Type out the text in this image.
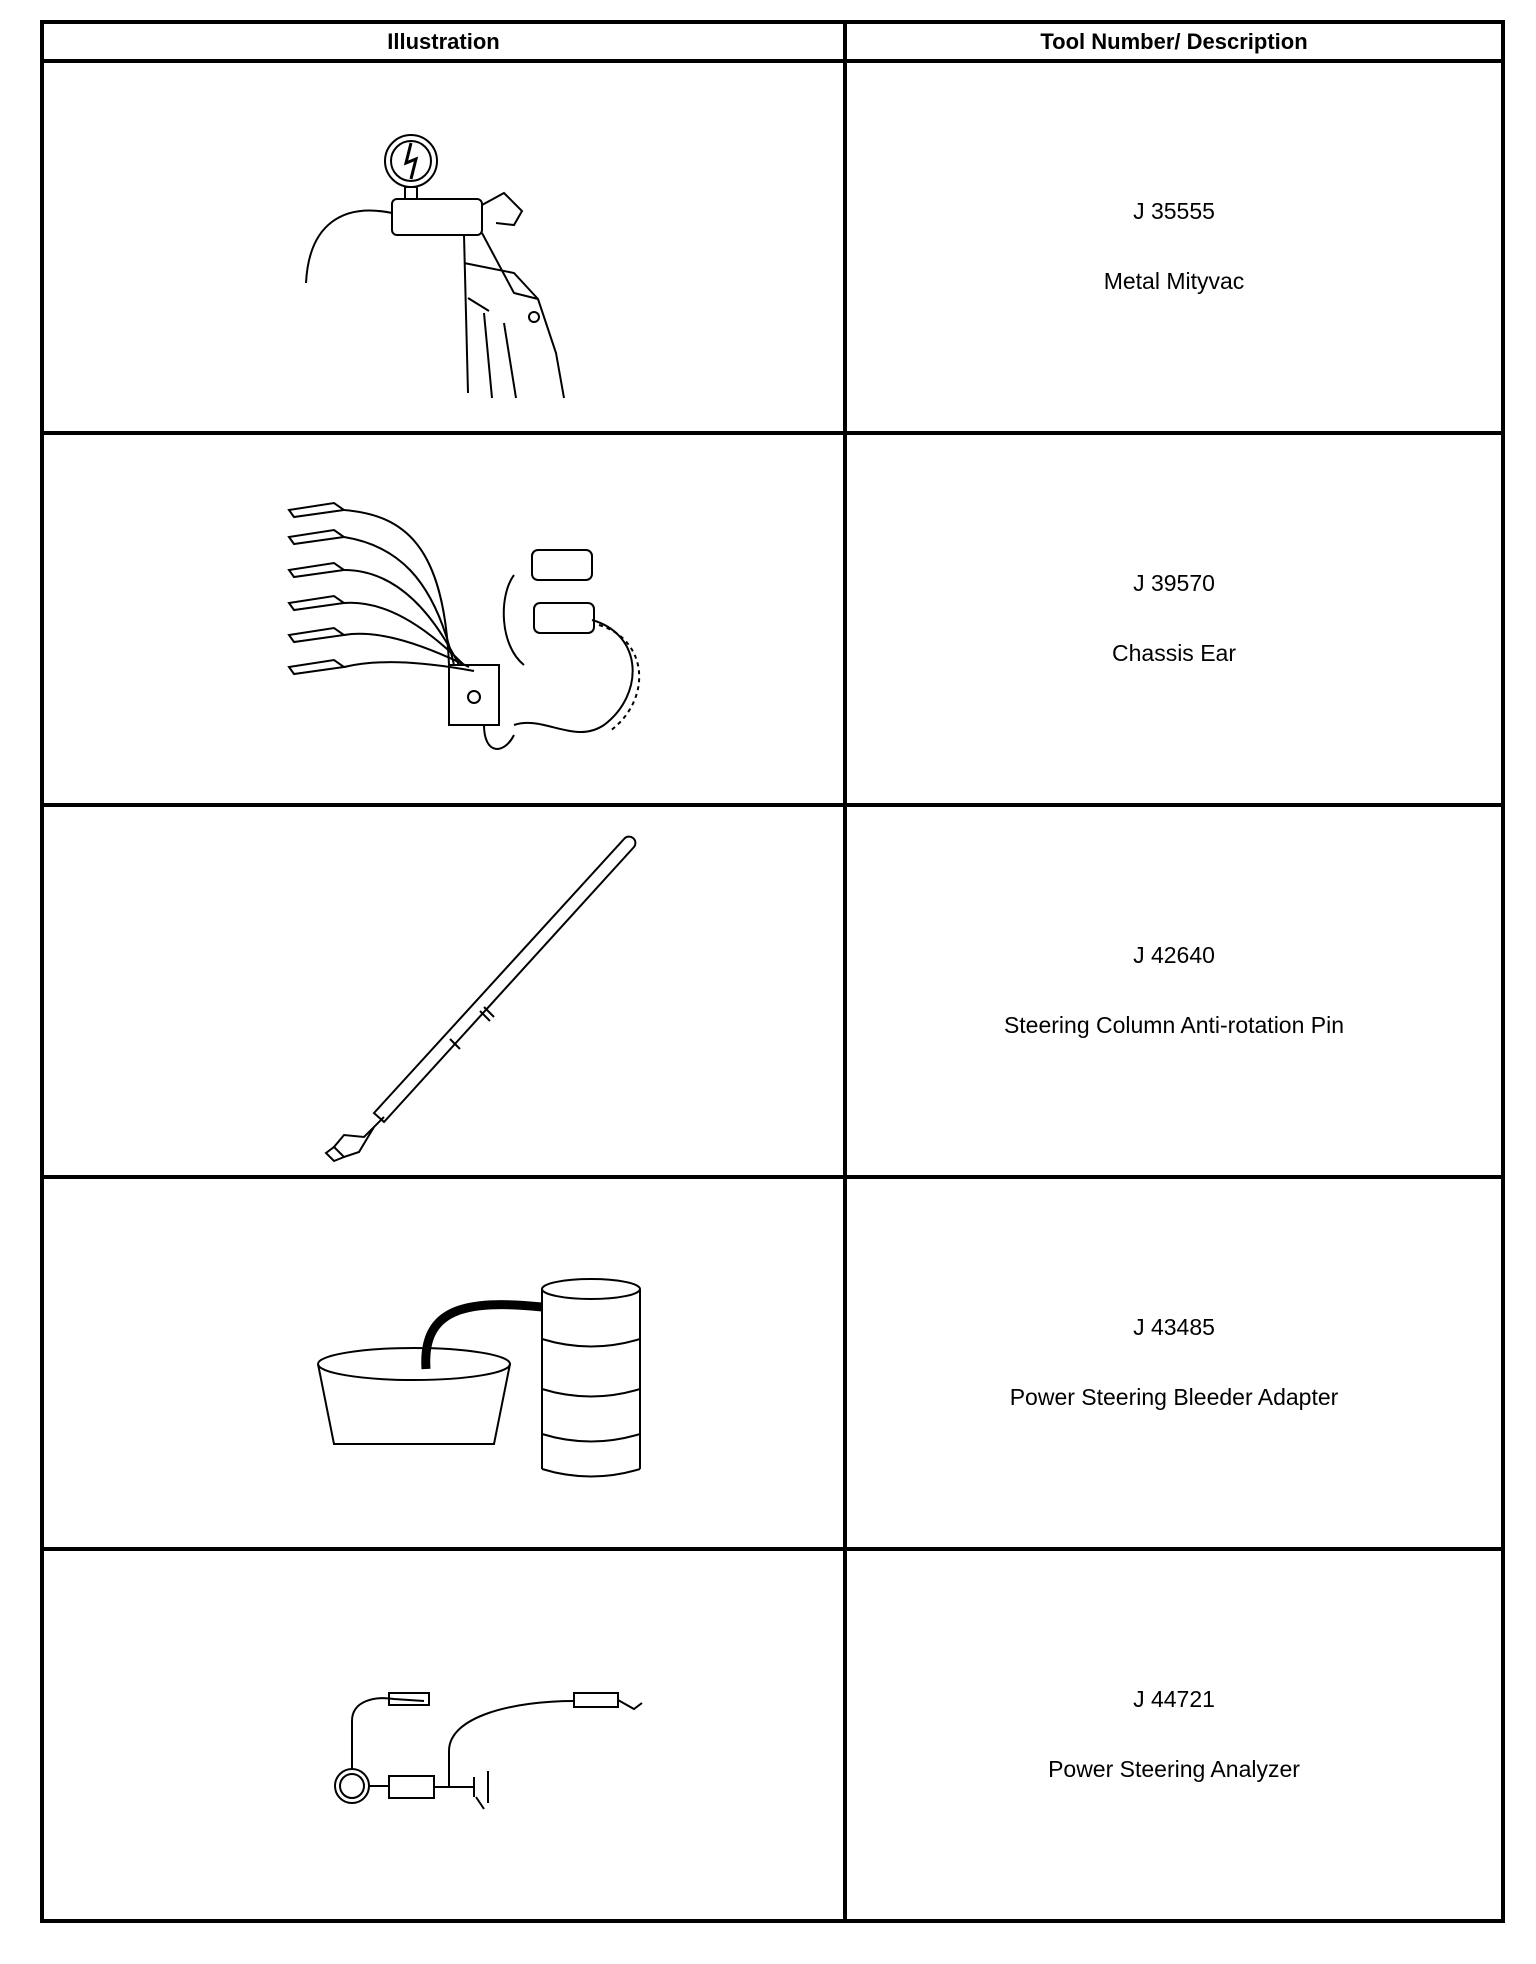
Illustration	Tool Number/ Description

J 35555
Metal Mityvac

J 39570
Chassis Ear

J 42640
Steering Column Anti-rotation Pin

J 43485
Power Steering Bleeder Adapter

J 44721
Power Steering Analyzer
